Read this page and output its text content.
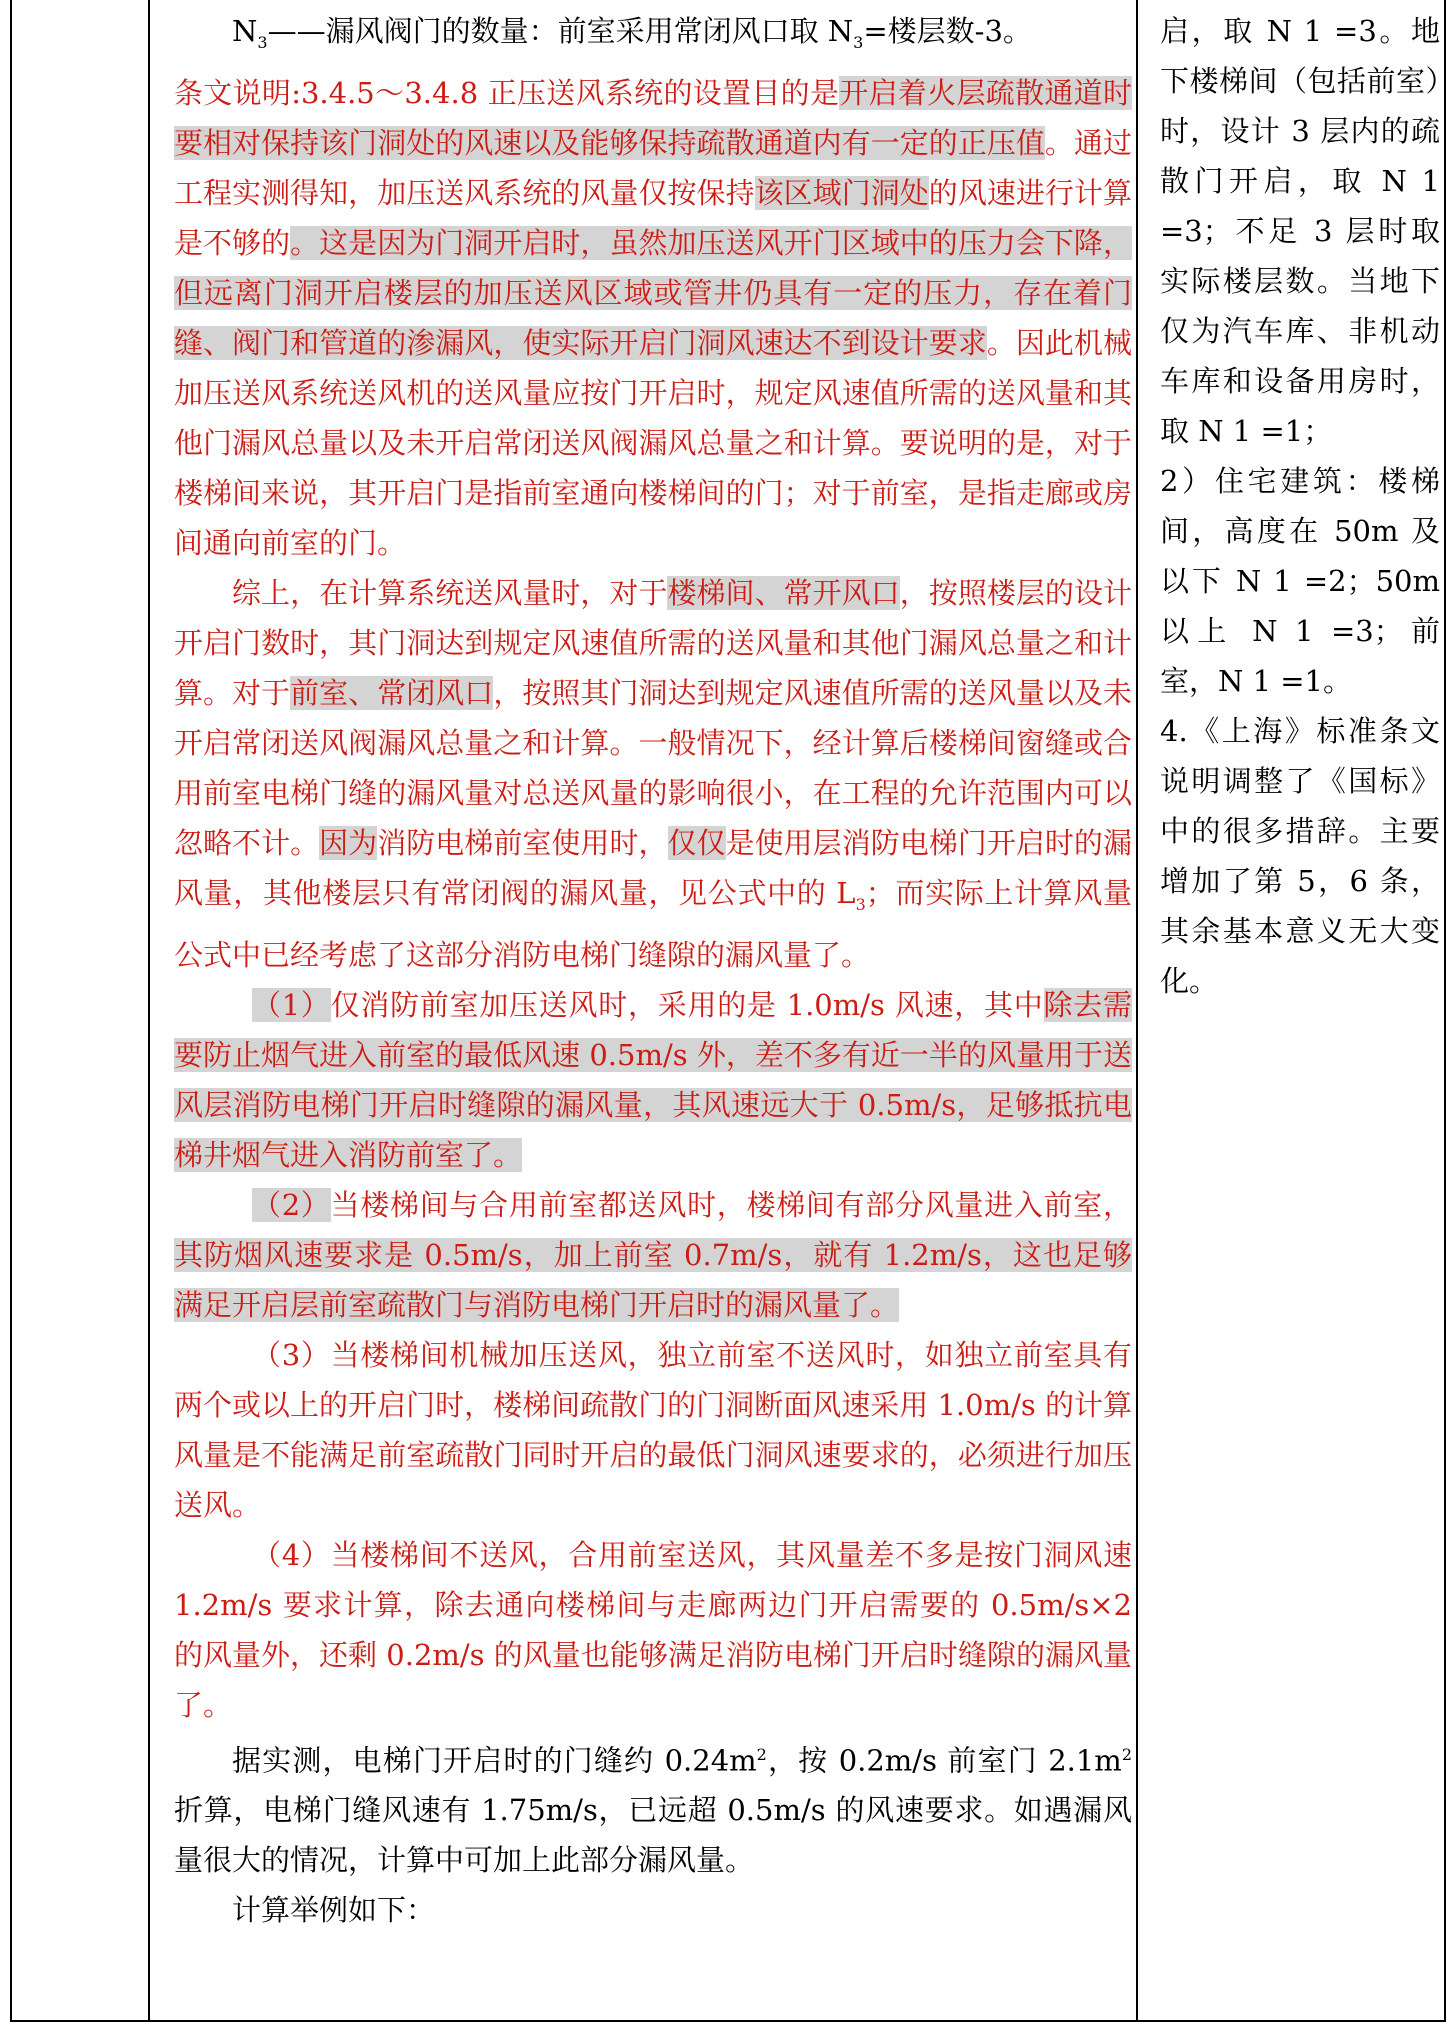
$N_3——$漏风阀门的数量：前室采用常闭风口取 $N_3=$楼层数-3。

条文说明:3.4.5～3.4.8 正压送风系统的设置目的是开启着火层疏散通道时要相对保持该门洞处的风速以及能够保持疏散通道内有一定的正压值。通过工程实测得知，加压送风系统的风量仅按保持该区域门洞处的风速进行计算是不够的。这是因为门洞开启时，虽然加压送风开门区域中的压力会下降，但远离门洞开启楼层的加压送风区域或管井仍具有一定的压力，存在着门缝、阀门和管道的渗漏风，使实际开启门洞风速达不到设计要求。因此机械加压送风系统送风机的送风量应按门开启时，规定风速值所需的送风量和其他门漏风总量以及未开启常闭送风阀漏风总量之和计算。要说明的是，对于楼梯间来说，其开启门是指前室通向楼梯间的门；对于前室，是指走廊或房间通向前室的门。

综上，在计算系统送风量时，对于楼梯间、常开风口，按照楼层的设计开启门数时，其门洞达到规定风速值所需的送风量和其他门漏风总量之和计算。对于前室、常闭风口，按照其门洞达到规定风速值所需的送风量以及未开启常闭送风阀漏风总量之和计算。一般情况下，经计算后楼梯间窗缝或合用前室电梯门缝的漏风量对总送风量的影响很小，在工程的允许范围内可以忽略不计。因为消防电梯前室使用时，仅仅是使用层消防电梯门开启时的漏风量，其他楼层只有常闭阀的漏风量，见公式中的 $L_3$；而实际上计算风量公式中已经考虑了这部分消防电梯门缝隙的漏风量了。

（1）仅消防前室加压送风时，采用的是 1.0m/s 风速，其中除去需要防止烟气进入前室的最低风速 0.5m/s 外，差不多有近一半的风量用于送风层消防电梯门开启时缝隙的漏风量，其风速远大于 0.5m/s，足够抵抗电梯井烟气进入消防前室了。

（2）当楼梯间与合用前室都送风时，楼梯间有部分风量进入前室，其防烟风速要求是 0.5m/s，加上前室 0.7m/s，就有 1.2m/s，这也足够满足开启层前室疏散门与消防电梯门开启时的漏风量了。

（3）当楼梯间机械加压送风，独立前室不送风时，如独立前室具有两个或以上的开启门时，楼梯间疏散门的门洞断面风速采用 1.0m/s 的计算风量是不能满足前室疏散门同时开启的最低门洞风速要求的，必须进行加压送风。

（4）当楼梯间不送风，合用前室送风，其风量差不多是按门洞风速 1.2m/s 要求计算，除去通向楼梯间与走廊两边门开启需要的 0.5m/s×2 的风量外，还剩 0.2m/s 的风量也能够满足消防电梯门开启时缝隙的漏风量了。

据实测，电梯门开启时的门缝约 $0.24m^2$，按 0.2m/s 前室门 $2.1m^2$折算，电梯门缝风速有 1.75m/s，已远超 0.5m/s 的风速要求。如遇漏风量很大的情况，计算中可加上此部分漏风量。

计算举例如下：

启，取 N 1 =3。地下楼梯间（包括前室）时，设计 3 层内的疏散门开启，取 N 1 =3；不足 3 层时取实际楼层数。当地下仅为汽车库、非机动车库和设备用房时，取 N 1 =1；

2）住宅建筑：楼梯间，高度在 50m 及以下 N 1 =2；50m 以上 N 1 =3；前室，N 1 =1。

4.《上海》标准条文说明调整了《国标》中的很多措辞。主要增加了第 5，6 条，其余基本意义无大变化。
